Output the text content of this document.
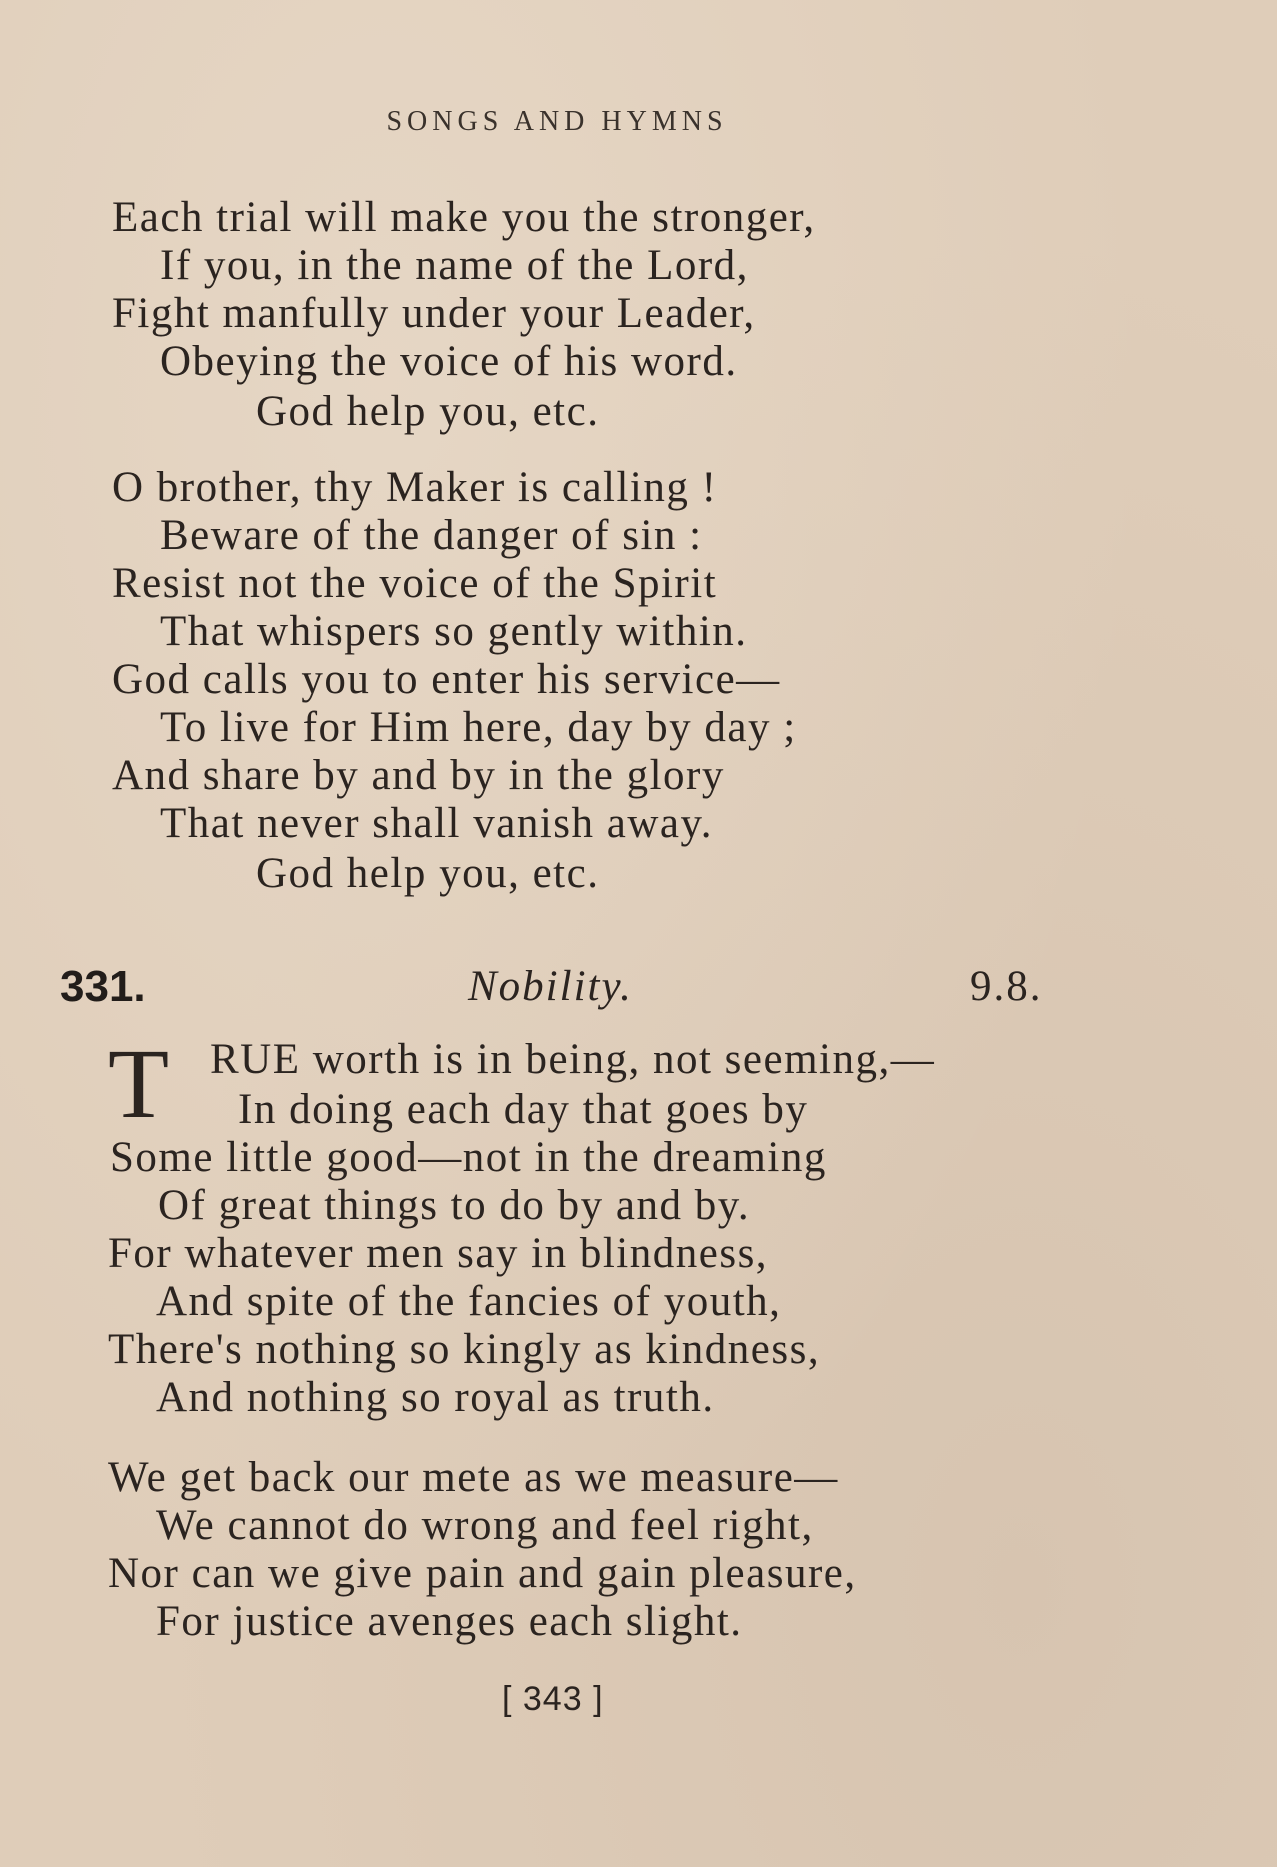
SONGS AND HYMNS
Each trial will make you the stronger,
If you, in the name of the Lord,
Fight manfully under your Leader,
Obeying the voice of his word.
God help you, etc.
O brother, thy Maker is calling !
Beware of the danger of sin :
Resist not the voice of the Spirit
That whispers so gently within.
God calls you to enter his service—
To live for Him here, day by day ;
And share by and by in the glory
That never shall vanish away.
God help you, etc.
331.	Nobility.	9.8.
T RUE worth is in being, not seeming,—
In doing each day that goes by
Some little good—not in the dreaming
Of great things to do by and by.
For whatever men say in blindness,
And spite of the fancies of youth,
There's nothing so kingly as kindness,
And nothing so royal as truth.
We get back our mete as we measure—
We cannot do wrong and feel right,
Nor can we give pain and gain pleasure,
For justice avenges each slight.
[ 343 ]
